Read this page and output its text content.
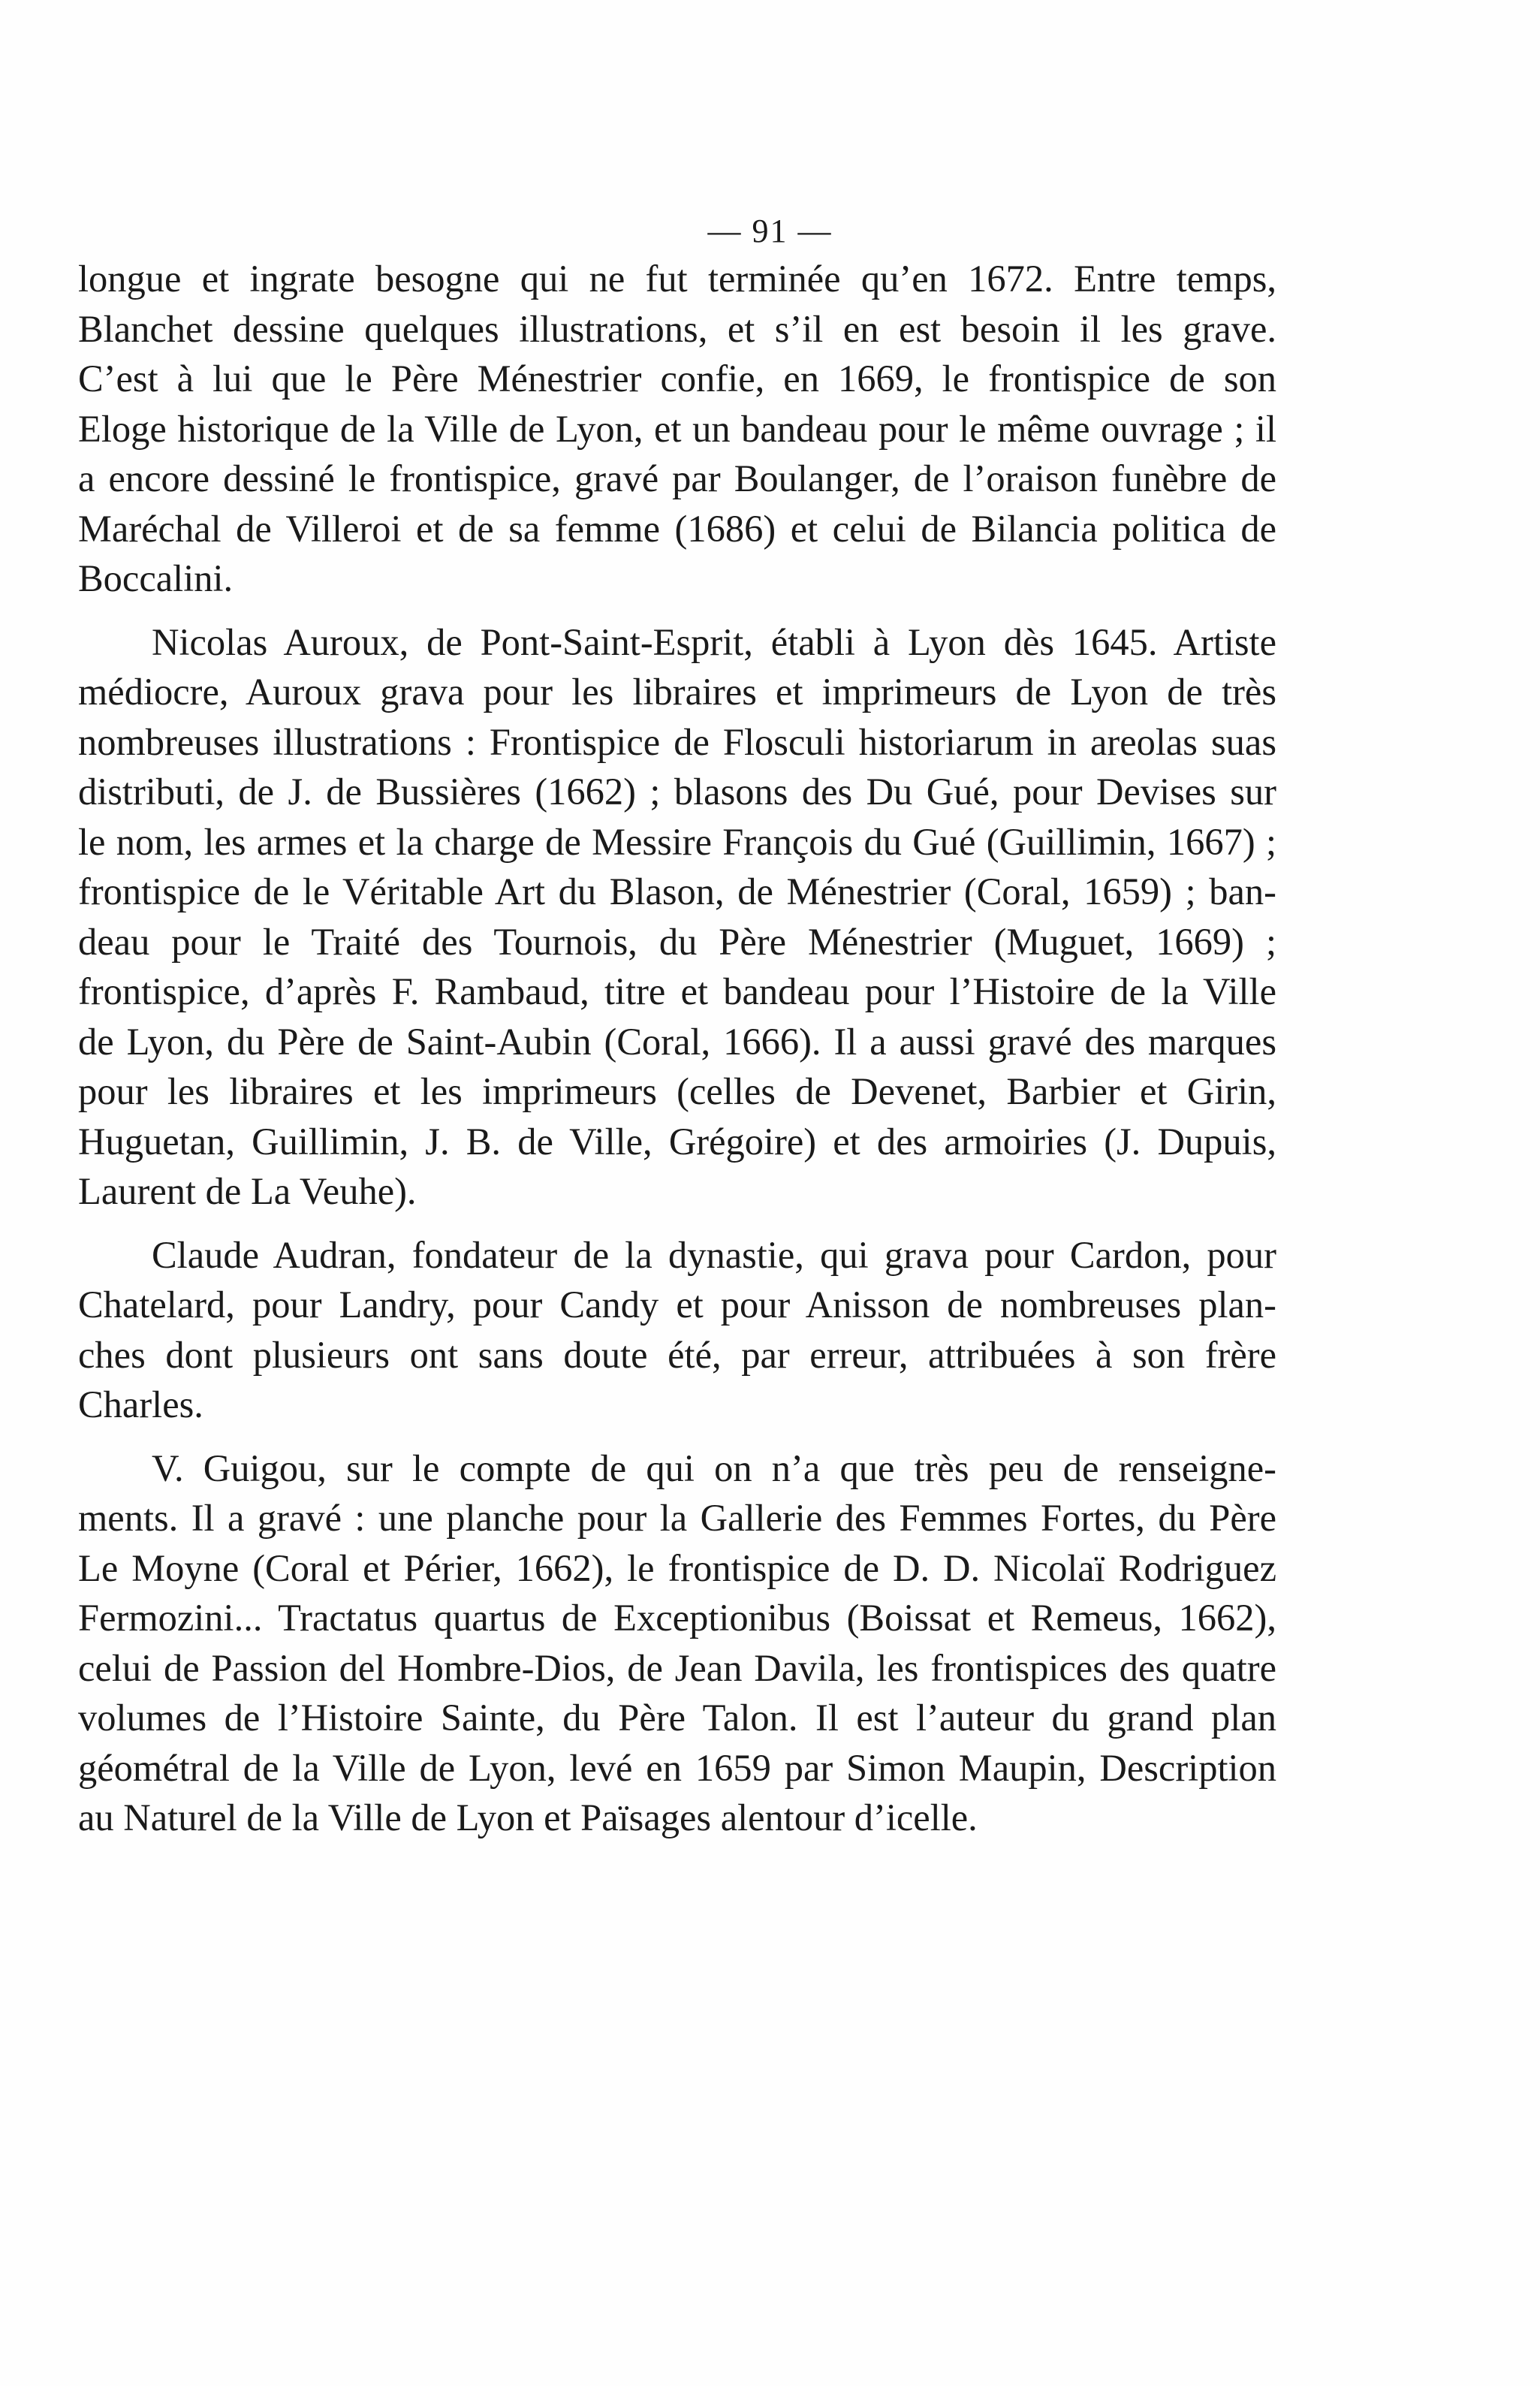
— 91 —
longue et ingrate besogne qui ne fut terminée qu’en 1672. Entre temps,
Blanchet dessine quelques illustrations, et s’il en est besoin il les grave.
C’est à lui que le Père Ménestrier confie, en 1669, le frontispice de son
Eloge historique de la Ville de Lyon, et un bandeau pour le même ouvrage ; il
a encore dessiné le frontispice, gravé par Boulanger, de l’oraison funèbre de
Maréchal de Villeroi et de sa femme (1686) et celui de Bilancia politica de
Boccalini.
Nicolas Auroux, de Pont-Saint-Esprit, établi à Lyon dès 1645. Artiste
médiocre, Auroux grava pour les libraires et imprimeurs de Lyon de très
nombreuses illustrations : Frontispice de Flosculi historiarum in areolas suas
distributi, de J. de Bussières (1662) ; blasons des Du Gué, pour Devises sur
le nom, les armes et la charge de Messire François du Gué (Guillimin, 1667) ;
frontispice de le Véritable Art du Blason, de Ménestrier (Coral, 1659) ; ban-
deau pour le Traité des Tournois, du Père Ménestrier (Muguet, 1669) ;
frontispice, d’après F. Rambaud, titre et bandeau pour l’Histoire de la Ville
de Lyon, du Père de Saint-Aubin (Coral, 1666). Il a aussi gravé des marques
pour les libraires et les imprimeurs (celles de Devenet, Barbier et Girin,
Huguetan, Guillimin, J. B. de Ville, Grégoire) et des armoiries (J. Dupuis,
Laurent de La Veuhe).
Claude Audran, fondateur de la dynastie, qui grava pour Cardon, pour
Chatelard, pour Landry, pour Candy et pour Anisson de nombreuses plan-
ches dont plusieurs ont sans doute été, par erreur, attribuées à son frère
Charles.
V. Guigou, sur le compte de qui on n’a que très peu de renseigne-
ments. Il a gravé : une planche pour la Gallerie des Femmes Fortes, du Père
Le Moyne (Coral et Périer, 1662), le frontispice de D. D. Nicolaï Rodriguez
Fermozini... Tractatus quartus de Exceptionibus (Boissat et Remeus, 1662),
celui de Passion del Hombre-Dios, de Jean Davila, les frontispices des quatre
volumes de l’Histoire Sainte, du Père Talon. Il est l’auteur du grand plan
géométral de la Ville de Lyon, levé en 1659 par Simon Maupin, Description
au Naturel de la Ville de Lyon et Païsages alentour d’icelle.
